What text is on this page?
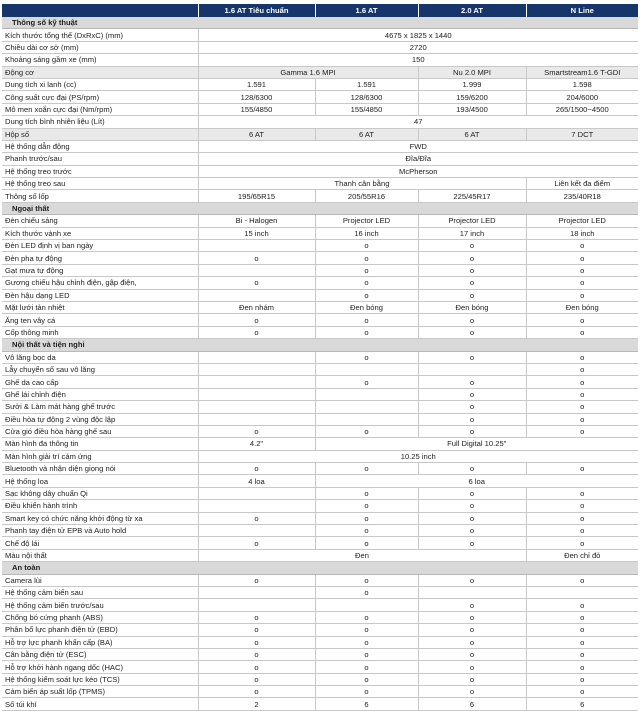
	1.6 AT Tiêu chuẩn	1.6 AT	2.0 AT	N Line
Thông số kỹ thuật				
Kích thước tổng thể (DxRxC) (mm)	4675 x 1825 x 1440			
Chiều dài cơ sở (mm)	2720			
Khoảng sáng gầm xe (mm)	150			
Động cơ	Gamma 1.6 MPI		Nu 2.0 MPI	Smartstream1.6 T-GDI
Dung tích xi lanh (cc)	1.591	1.591	1.999	1.598
Công suất cực đại (PS/rpm)	128/6300	128/6300	159/6200	204/6000
Mô men xoắn cực đại (Nm/rpm)	155/4850	155/4850	193/4500	265/1500~4500
Dung tích bình nhiên liệu (Lít)	47			
Hộp số	6 AT	6 AT	6 AT	7 DCT
Hệ thống dẫn động	FWD			
Phanh trước/sau	Đĩa/Đĩa			
Hệ thống treo trước	McPherson			
Hệ thống treo sau	Thanh cân bằng			Liên kết đa điểm
Thông số lốp	195/65R15	205/55R16	225/45R17	235/40R18
Ngoại thất				
Đèn chiếu sáng	Bi - Halogen	Projector LED	Projector LED	Projector LED
Kích thước vành xe	15 inch	16 inch	17 inch	18 inch
Đèn LED định vị ban ngày		o	o	o
Đèn pha tự động	o	o	o	o
Gạt mưa tự động		o	o	o
Gương chiếu hậu chỉnh điện, gập điện,	o	o	o	o
Đèn hậu dạng LED		o	o	o
Mặt lưới tản nhiệt	Đen nhám	Đen bóng	Đen bóng	Đen bóng
Ăng ten vây cá	o	o	o	o
Cốp thông minh	o	o	o	o
Nội thất và tiện nghi				
Vô lăng bọc da		o	o	o
Lẫy chuyển số sau vô lăng				o
Ghế da cao cấp		o	o	o
Ghế lái chỉnh điện			o	o
Sưởi & Làm mát hàng ghế trước			o	o
Điều hòa tự động 2 vùng độc lập			o	o
Cửa gió điều hòa hàng ghế sau	o	o	o	o
Màn hình đa thông tin	4.2"	Full Digital 10.25"		
Màn hình giải trí cảm ứng	10.25 inch			
Bluetooth và nhận diện giọng nói	o	o	o	o
Hệ thống loa	4 loa	6 loa		
Sạc không dây chuẩn Qi		o	o	o
Điều khiển hành trình		o	o	o
Smart key có chức năng khởi động từ xa	o	o	o	o
Phanh tay điện tử EPB và Auto hold		o	o	o
Chế độ lái	o	o	o	o
Màu nội thất	Đen			Đen chỉ đỏ
An toàn				
Camera lùi	o	o	o	o
Hệ thống cảm biến sau		o		
Hệ thống cảm biến trước/sau			o	o
Chống bó cứng phanh (ABS)	o	o	o	o
Phân bổ lực phanh điện tử (EBD)	o	o	o	o
Hỗ trợ lực phanh khẩn cấp (BA)	o	o	o	o
Cân bằng điện tử (ESC)	o	o	o	o
Hỗ trợ khởi hành ngang dốc (HAC)	o	o	o	o
Hệ thống kiểm soát lực kéo (TCS)	o	o	o	o
Cảm biến áp suất lốp (TPMS)	o	o	o	o
Số túi khí	2	6	6	6
